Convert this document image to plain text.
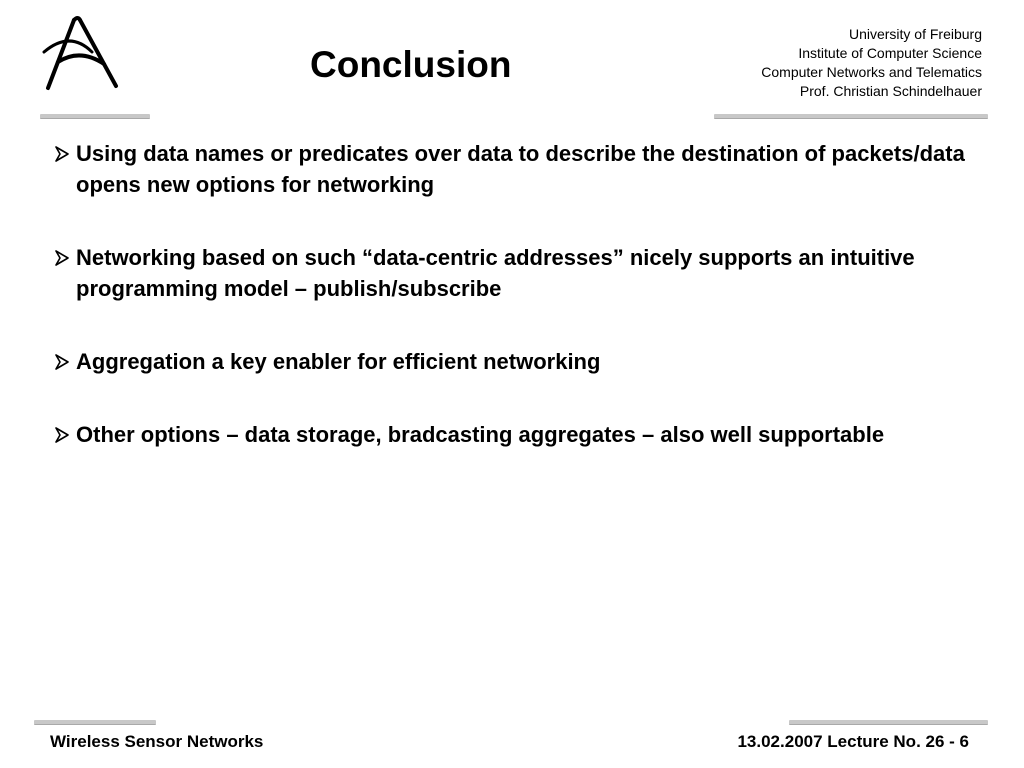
Conclusion
University of Freiburg
Institute of Computer Science
Computer Networks and Telematics
Prof. Christian Schindelhauer
Using data names or predicates over data to describe the destination of packets/data opens new options for networking
Networking based on such “data-centric addresses” nicely supports an intuitive programming model – publish/subscribe
Aggregation a key enabler for efficient networking
Other options – data storage, bradcasting aggregates – also well supportable
Wireless Sensor Networks	13.02.2007 Lecture No. 26 - 6
